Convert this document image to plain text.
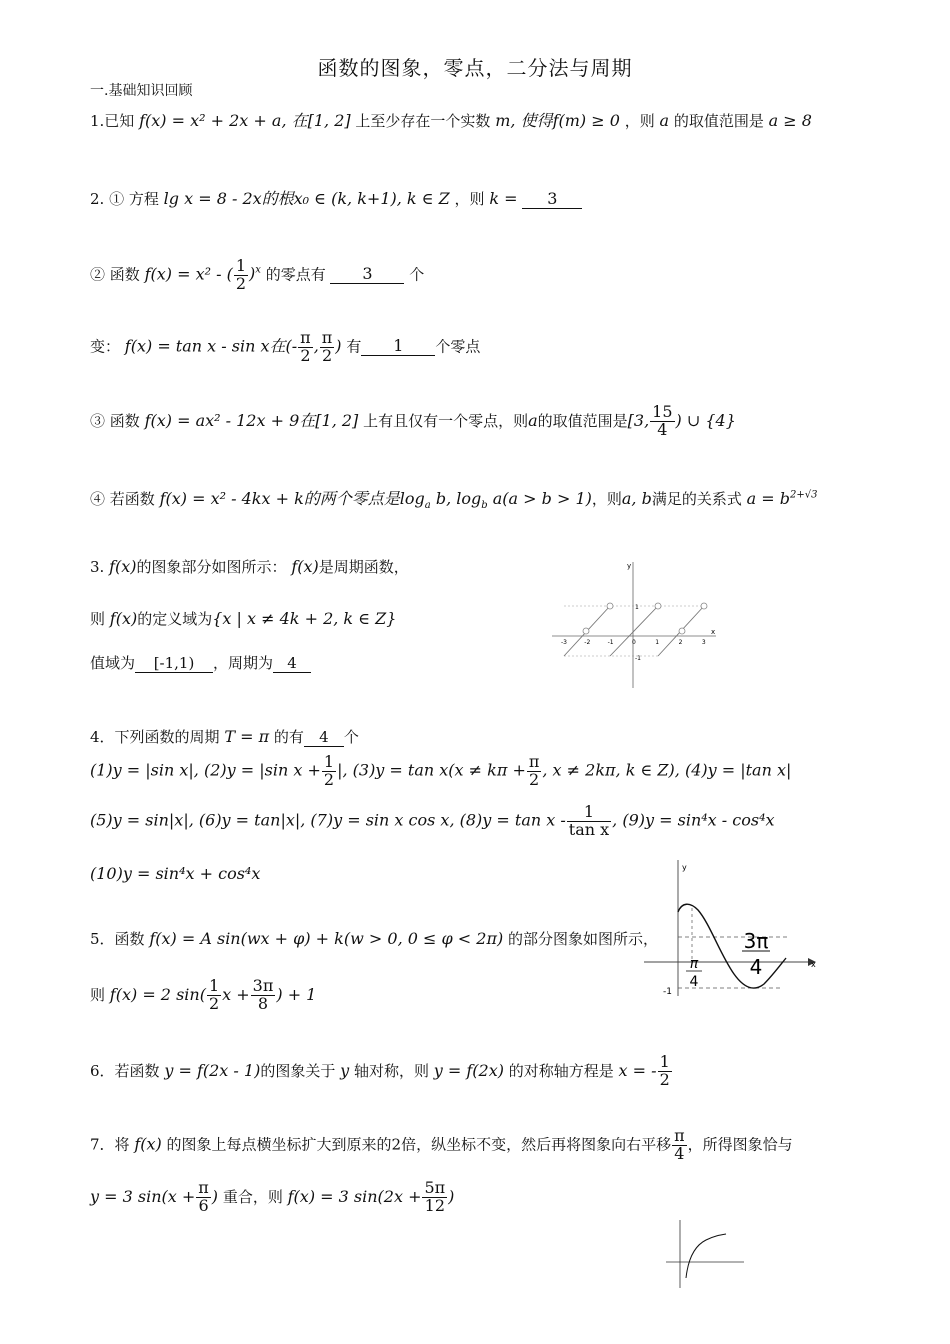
函数的图象，零点，二分法与周期
一.基础知识回顾
1.已知 f(x) = x² + 2x + a, 在[1, 2] 上至少存在一个实数 m, 使得f(m) ≥ 0 ，则 a 的取值范围是 a ≥ 8
2. ① 方程 lg x = 8 - 2x的根x₀ ∈ (k, k+1), k ∈ Z ，则 k = 3
② 函数 f(x) = x² - ( $\frac{1}{2} )^x$ 的零点有 3 个
变： f(x) = tan x - sin x在(- $\frac{\pi}{2}$ , $\frac{\pi}{2}$ ) 有 1 个零点
③ 函数 f(x) = ax² - 12x + 9在[1, 2] 上有且仅有一个零点，则a的取值范围是[3, $\frac{15}{4}$ ) ∪ {4}
④ 若函数 f(x) = x² - 4kx + k的两个零点是$\log_a b$, $\log_b a(a > b > 1)$，则a, b满足的关系式 $a = b^{2+√3}$
3. f(x)的图象部分如图所示： f(x)是周期函数，
则 f(x)的定义域为{x | x ≠ 4k + 2, k ∈ Z}
值域为 [-1,1) ，周期为 4
x
y
1
-1
-3	-2	-1	0	1	2	3
4．下列函数的周期 T = π 的有 4 个
(1)y = |sin x|, (2)y = |sin $x + \frac{1}{2}$ |, $(3)y = \tan x(x \ne k\pi + \frac{\pi}{2}$ , x ≠ 2kπ, k ∈ Z), (4)y = |tan x|
(5)y = sin|x|, (6)y = tan|x|, (7)y = sin x cos x, $(8)y = \tan x - \frac{1}{\text{tan x}}$ , (9)y = sin⁴x - cos⁴x
(10)y = sin⁴x + cos⁴x
5．函数 f(x) = A sin(wx + φ) + k(w > 0, 0 ≤ φ < 2π) 的部分图象如图所示，
则 f(x) = 2 $\sin( \frac{1}{2}$ $x + \frac{3\pi}{8}$ ) + 1
x
y
3π
4
π
4
-1
6．若函数 y = f(2x - 1)的图象关于 y 轴对称，则 y = f(2x) 的对称轴方程是 x = - $\frac{1}{2}$
7．将 f(x) 的图象上每点横坐标扩大到原来的2倍，纵坐标不变，然后再将图象向右平移 $\frac{\pi}{4}$ ，所得图象恰与
y = 3 $\sin(x + \frac{\pi}{6}$ ) 重合，则 f(x) = 3 $\sin(2x + \frac{5\pi}{12}$ )
